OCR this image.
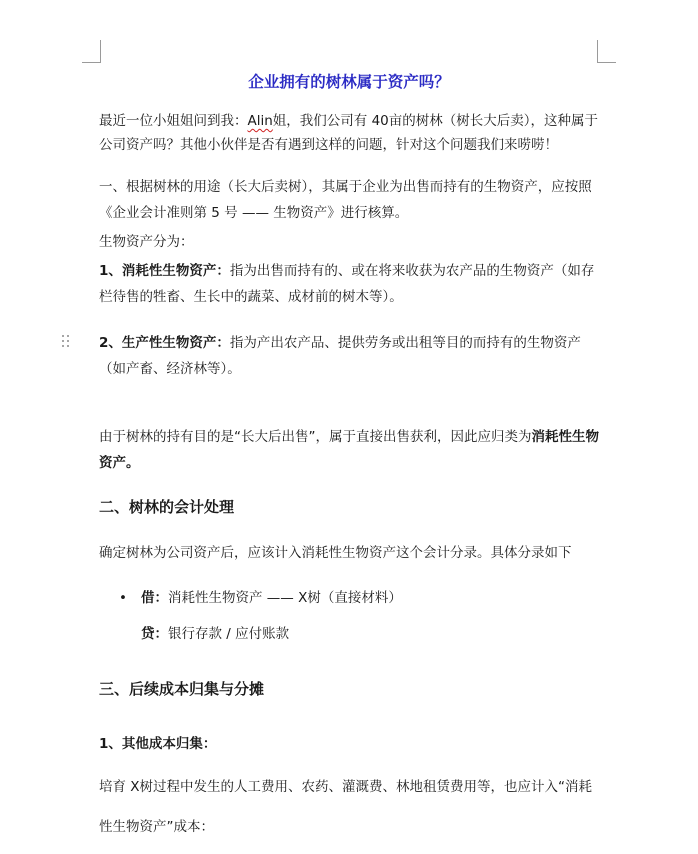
企业拥有的树林属于资产吗？

最近一位小姐姐问到我：Alin姐，我们公司有 40亩的树林（树长大后卖），这种属于公司资产吗？其他小伙伴是否有遇到这样的问题，针对这个问题我们来唠唠！

一、根据树林的用途（长大后卖树），其属于企业为出售而持有的生物资产，应按照《企业会计准则第 5 号 —— 生物资产》进行核算。

生物资产分为：

1、消耗性生物资产：指为出售而持有的、或在将来收获为农产品的生物资产（如存栏待售的牲畜、生长中的蔬菜、成材前的树木等）。

2、生产性生物资产：指为产出农产品、提供劳务或出租等目的而持有的生物资产（如产畜、经济林等）。

由于树林的持有目的是“长大后出售”，属于直接出售获利，因此应归类为消耗性生物资产。

二、树林的会计处理

确定树林为公司资产后，应该计入消耗性生物资产这个会计分录。具体分录如下

• 借：消耗性生物资产 —— X树（直接材料）

贷：银行存款 / 应付账款

三、后续成本归集与分摊

1、其他成本归集：

培育 X树过程中发生的人工费用、农药、灌溉费、林地租赁费用等，也应计入“消耗性生物资产”成本：
